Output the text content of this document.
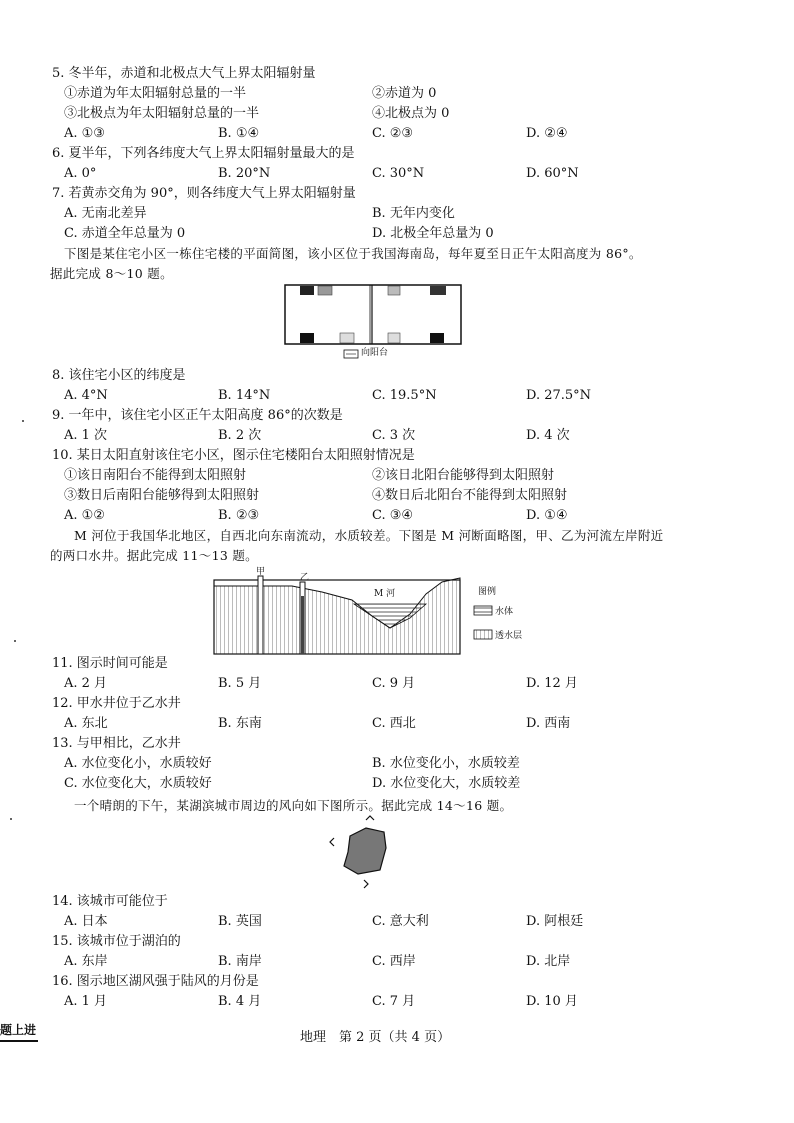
5. 冬半年，赤道和北极点大气上界太阳辐射量
①赤道为年太阳辐射总量的一半	②赤道为 0
③北极点为年太阳辐射总量的一半	④北极点为 0
A. ①③	B. ①④	C. ②③	D. ②④
6. 夏半年，下列各纬度大气上界太阳辐射量最大的是
A. 0°	B. 20°N	C. 30°N	D. 60°N
7. 若黄赤交角为 90°，则各纬度大气上界太阳辐射量
A. 无南北差异	B. 无年内变化
C. 赤道全年总量为 0	D. 北极全年总量为 0
下图是某住宅小区一栋住宅楼的平面简图，该小区位于我国海南岛，每年夏至日正午太阳高度为 86°。
据此完成 8～10 题。
向阳台
8. 该住宅小区的纬度是
A. 4°N	B. 14°N	C. 19.5°N	D. 27.5°N
9. 一年中，该住宅小区正午太阳高度 86°的次数是
A. 1 次	B. 2 次	C. 3 次	D. 4 次
10. 某日太阳直射该住宅小区，图示住宅楼阳台太阳照射情况是
①该日南阳台不能得到太阳照射	②该日北阳台能够得到太阳照射
③数日后南阳台能够得到太阳照射	④数日后北阳台不能得到太阳照射
A. ①②	B. ②③	C. ③④	D. ①④
M 河位于我国华北地区，自西北向东南流动，水质较差。下图是 M 河断面略图，甲、乙为河流左岸附近
的两口水井。据此完成 11～13 题。
甲
乙
M 河	图例
水体
透水层
11. 图示时间可能是
A. 2 月	B. 5 月	C. 9 月	D. 12 月
12. 甲水井位于乙水井
A. 东北	B. 东南	C. 西北	D. 西南
13. 与甲相比，乙水井
A. 水位变化小，水质较好	B. 水位变化小，水质较差
C. 水位变化大，水质较好	D. 水位变化大，水质较差
一个晴朗的下午，某湖滨城市周边的风向如下图所示。据此完成 14～16 题。
14. 该城市可能位于
A. 日本	B. 英国	C. 意大利	D. 阿根廷
15. 该城市位于湖泊的
A. 东岸	B. 南岸	C. 西岸	D. 北岸
16. 图示地区湖风强于陆风的月份是
A. 1 月	B. 4 月	C. 7 月	D. 10 月
题上进	地理　第 2 页（共 4 页）
